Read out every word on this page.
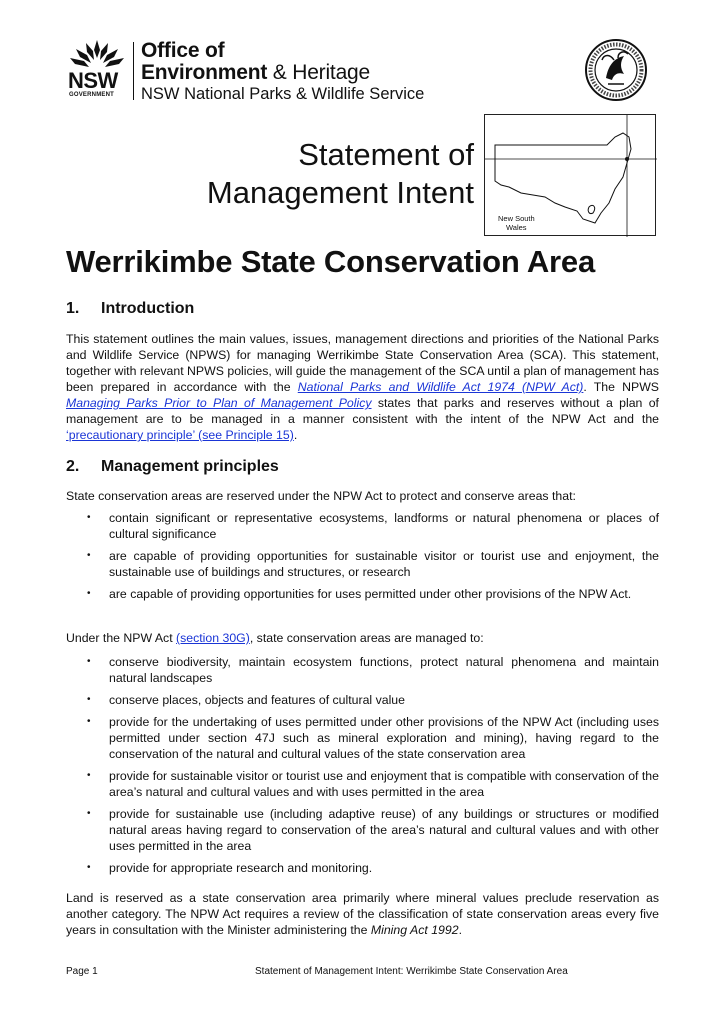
NSW
GOVERNMENT
Office of
Environment & Heritage
NSW National Parks & Wildlife Service
Statement of
Management Intent
New South
Wales
Werrikimbe State Conservation Area
1. Introduction
This statement outlines the main values, issues, management directions and priorities of the National Parks and Wildlife Service (NPWS) for managing Werrikimbe State Conservation Area (SCA). This statement, together with relevant NPWS policies, will guide the management of the SCA until a plan of management has been prepared in accordance with the National Parks and Wildlife Act 1974 (NPW Act). The NPWS Managing Parks Prior to Plan of Management Policy states that parks and reserves without a plan of management are to be managed in a manner consistent with the intent of the NPW Act and the ‘precautionary principle’ (see Principle 15).
2. Management principles
State conservation areas are reserved under the NPW Act to protect and conserve areas that:
• contain significant or representative ecosystems, landforms or natural phenomena or places of cultural significance
• are capable of providing opportunities for sustainable visitor or tourist use and enjoyment, the sustainable use of buildings and structures, or research
• are capable of providing opportunities for uses permitted under other provisions of the NPW Act.
Under the NPW Act (section 30G), state conservation areas are managed to:
• conserve biodiversity, maintain ecosystem functions, protect natural phenomena and maintain natural landscapes
• conserve places, objects and features of cultural value
• provide for the undertaking of uses permitted under other provisions of the NPW Act (including uses permitted under section 47J such as mineral exploration and mining), having regard to the conservation of the natural and cultural values of the state conservation area
• provide for sustainable visitor or tourist use and enjoyment that is compatible with conservation of the area’s natural and cultural values and with uses permitted in the area
• provide for sustainable use (including adaptive reuse) of any buildings or structures or modified natural areas having regard to conservation of the area’s natural and cultural values and with other uses permitted in the area
• provide for appropriate research and monitoring.
Land is reserved as a state conservation area primarily where mineral values preclude reservation as another category. The NPW Act requires a review of the classification of state conservation areas every five years in consultation with the Minister administering the Mining Act 1992.
Page 1	Statement of Management Intent: Werrikimbe State Conservation Area
